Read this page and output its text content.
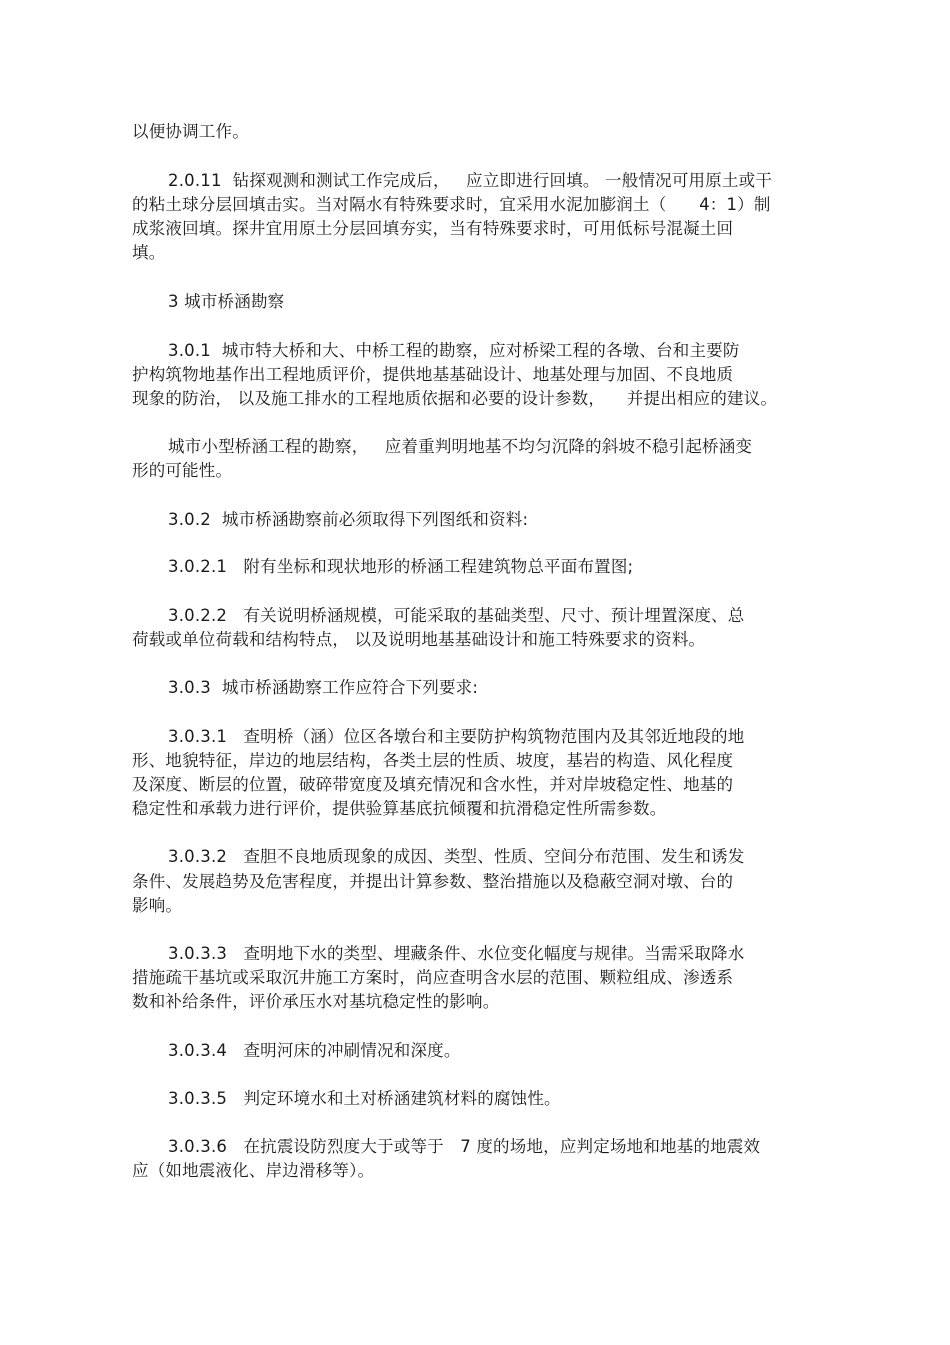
以便协调工作。
2.0.11  钻探观测和测试工作完成后，   应立即进行回填。 一般情况可用原土或干
的粘土球分层回填击实。当对隔水有特殊要求时，宜采用水泥加膨润土（      4：1）制
成浆液回填。探井宜用原土分层回填夯实，当有特殊要求时，可用低标号混凝土回
填。
3 城市桥涵勘察
3.0.1  城市特大桥和大、中桥工程的勘察，应对桥梁工程的各墩、台和主要防
护构筑物地基作出工程地质评价，提供地基基础设计、地基处理与加固、不良地质
现象的防治， 以及施工排水的工程地质依据和必要的设计参数，    并提出相应的建议。
城市小型桥涵工程的勘察，   应着重判明地基不均匀沉降的斜坡不稳引起桥涵变
形的可能性。
3.0.2  城市桥涵勘察前必须取得下列图纸和资料:
3.0.2.1   附有坐标和现状地形的桥涵工程建筑物总平面布置图;
3.0.2.2   有关说明桥涵规模，可能采取的基础类型、尺寸、预计埋置深度、总
荷载或单位荷载和结构特点， 以及说明地基基础设计和施工特殊要求的资料。
3.0.3  城市桥涵勘察工作应符合下列要求:
3.0.3.1   查明桥（涵）位区各墩台和主要防护构筑物范围内及其邻近地段的地
形、地貌特征，岸边的地层结构，各类土层的性质、坡度，基岩的构造、风化程度
及深度、断层的位置，破碎带宽度及填充情况和含水性，并对岸坡稳定性、地基的
稳定性和承载力进行评价，提供验算基底抗倾覆和抗滑稳定性所需参数。
3.0.3.2   查胆不良地质现象的成因、类型、性质、空间分布范围、发生和诱发
条件、发展趋势及危害程度，并提出计算参数、整治措施以及稳蔽空洞对墩、台的
影响。
3.0.3.3   查明地下水的类型、埋藏条件、水位变化幅度与规律。当需采取降水
措施疏干基坑或采取沉井施工方案时，尚应查明含水层的范围、颗粒组成、渗透系
数和补给条件，评价承压水对基坑稳定性的影响。
3.0.3.4   查明河床的冲刷情况和深度。
3.0.3.5   判定环境水和土对桥涵建筑材料的腐蚀性。
3.0.3.6   在抗震设防烈度大于或等于   7 度的场地，应判定场地和地基的地震效
应（如地震液化、岸边滑移等）。
